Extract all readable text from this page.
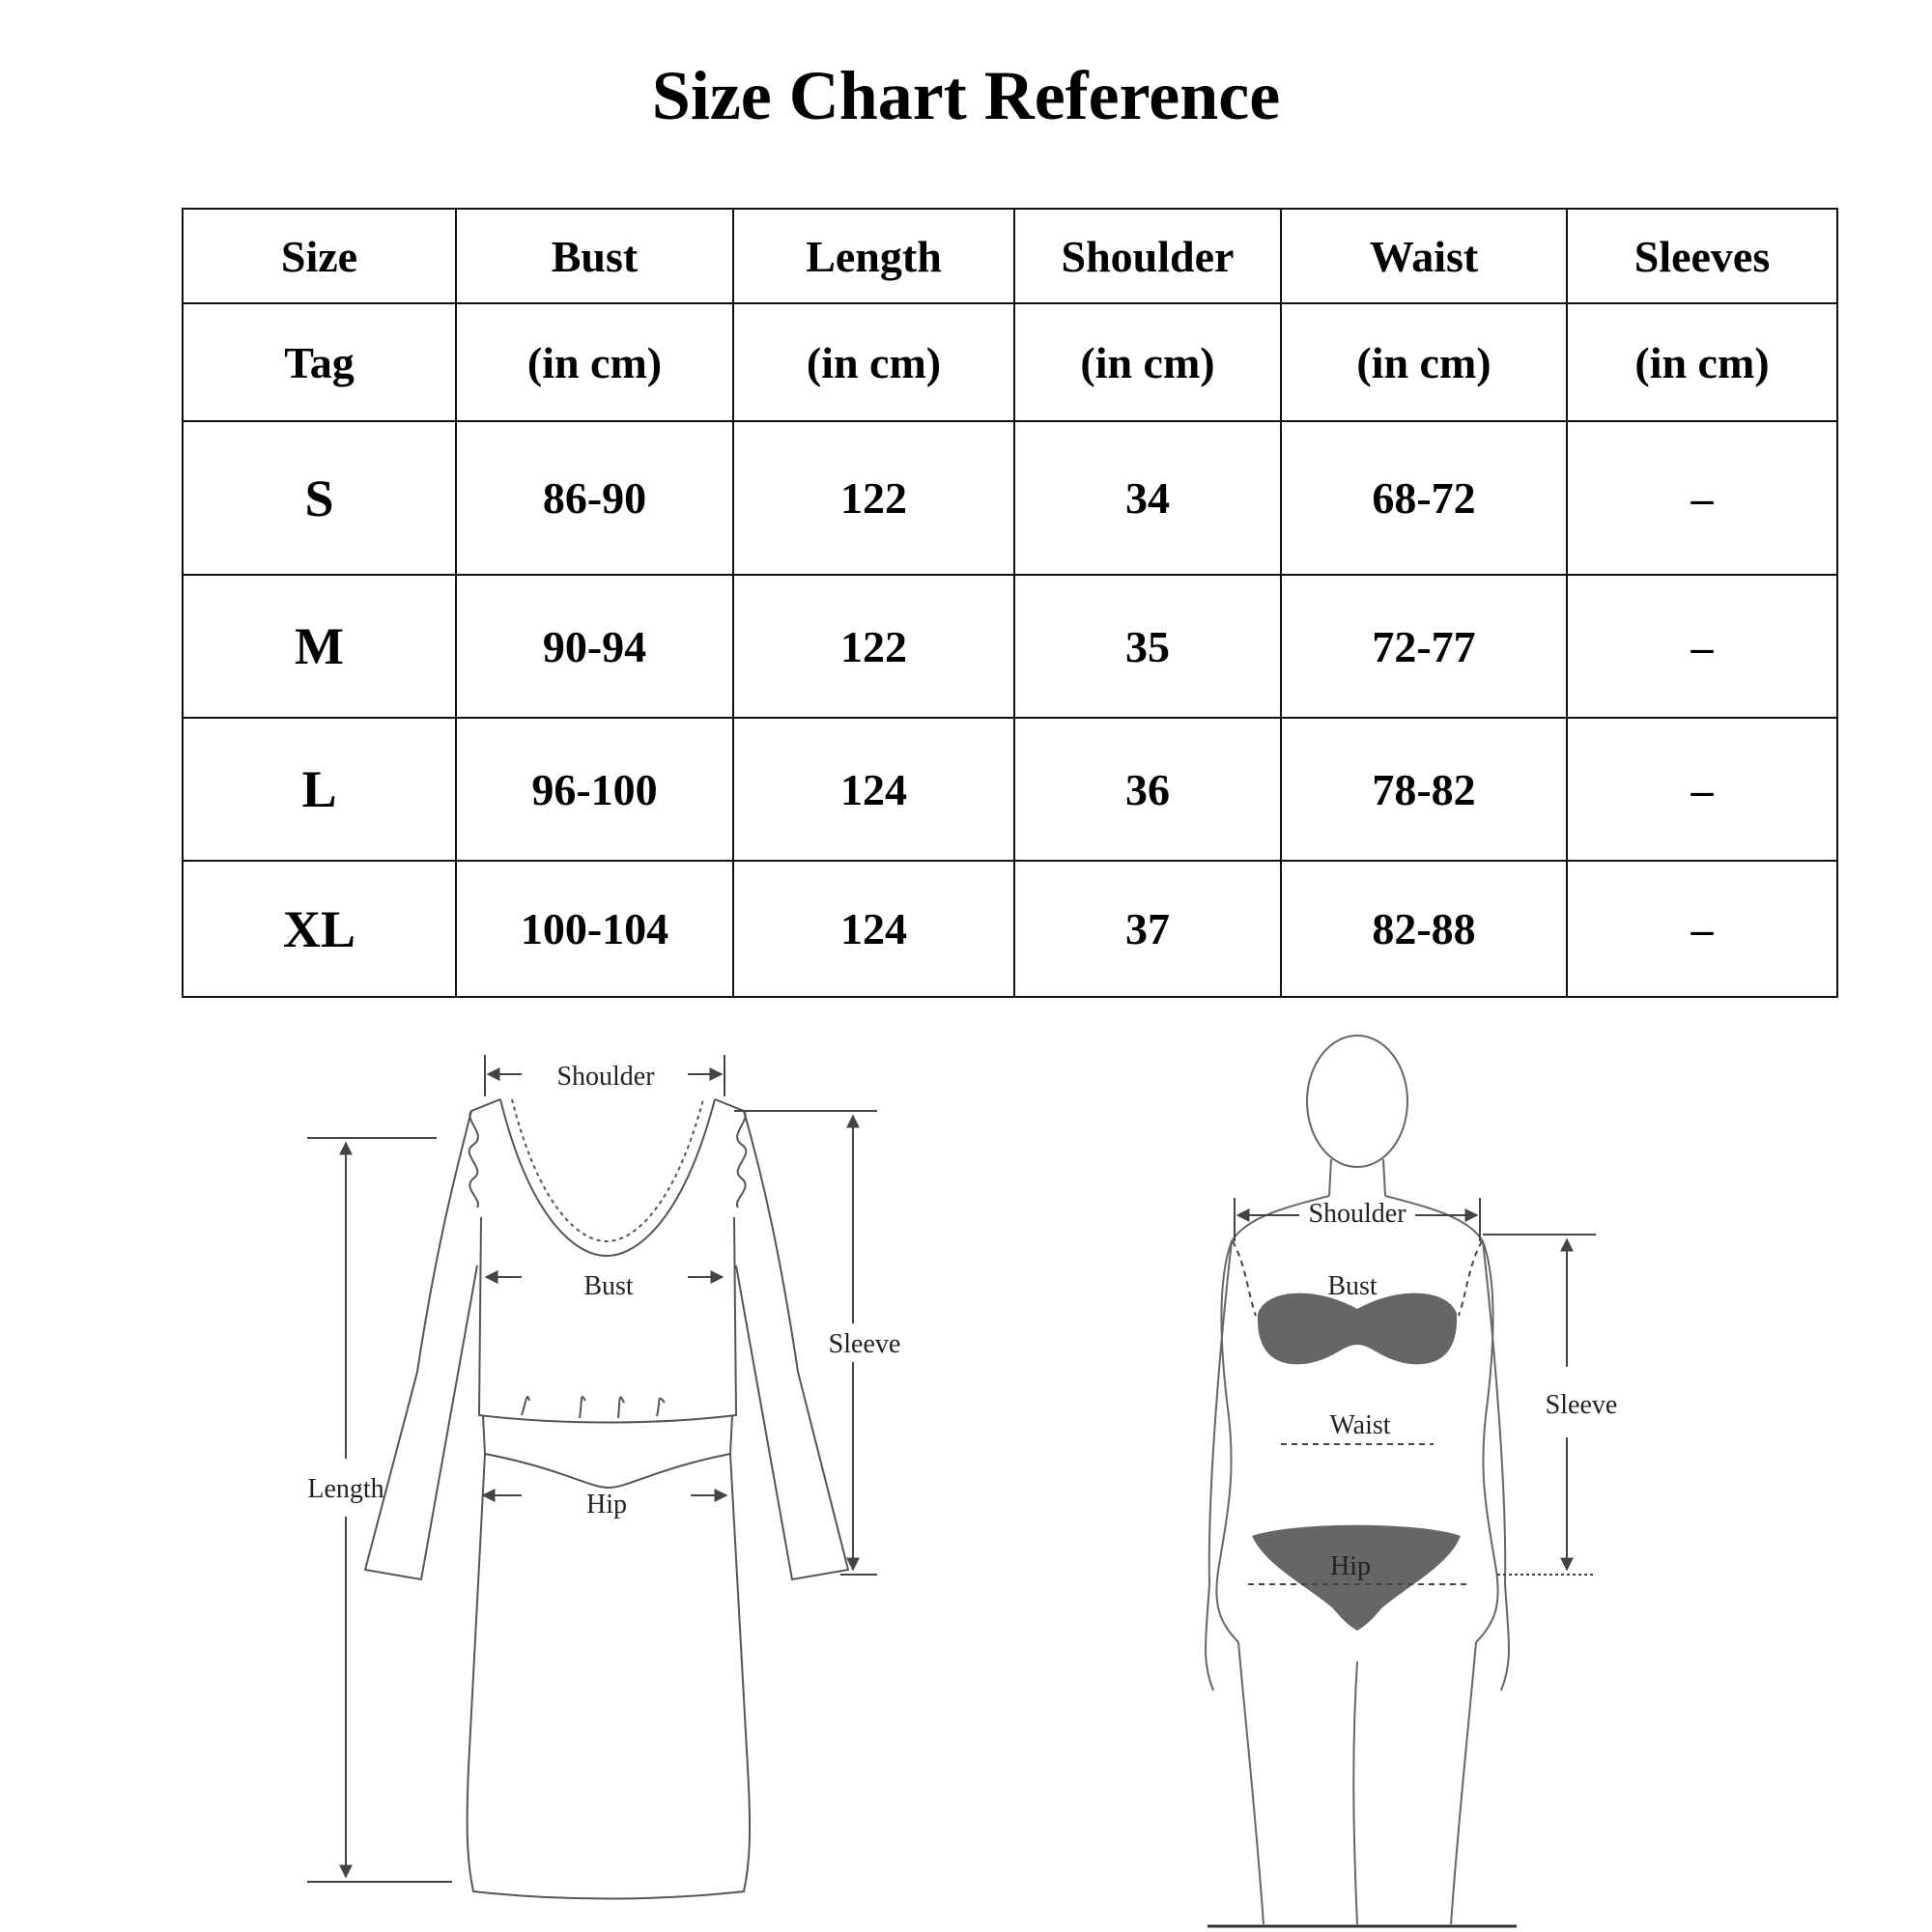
Size Chart Reference
Size	Bust	Length	Shoulder	Waist	Sleeves
Tag	(in cm)	(in cm)	(in cm)	(in cm)	(in cm)
S	86-90	122	34	68-72	–
M	90-94	122	35	72-77	–
L	96-100	124	36	78-82	–
XL	100-104	124	37	82-88	–
Shoulder
Bust
Hip
Sleeve
Length
Shoulder
Bust
Waist
Hip
Sleeve
